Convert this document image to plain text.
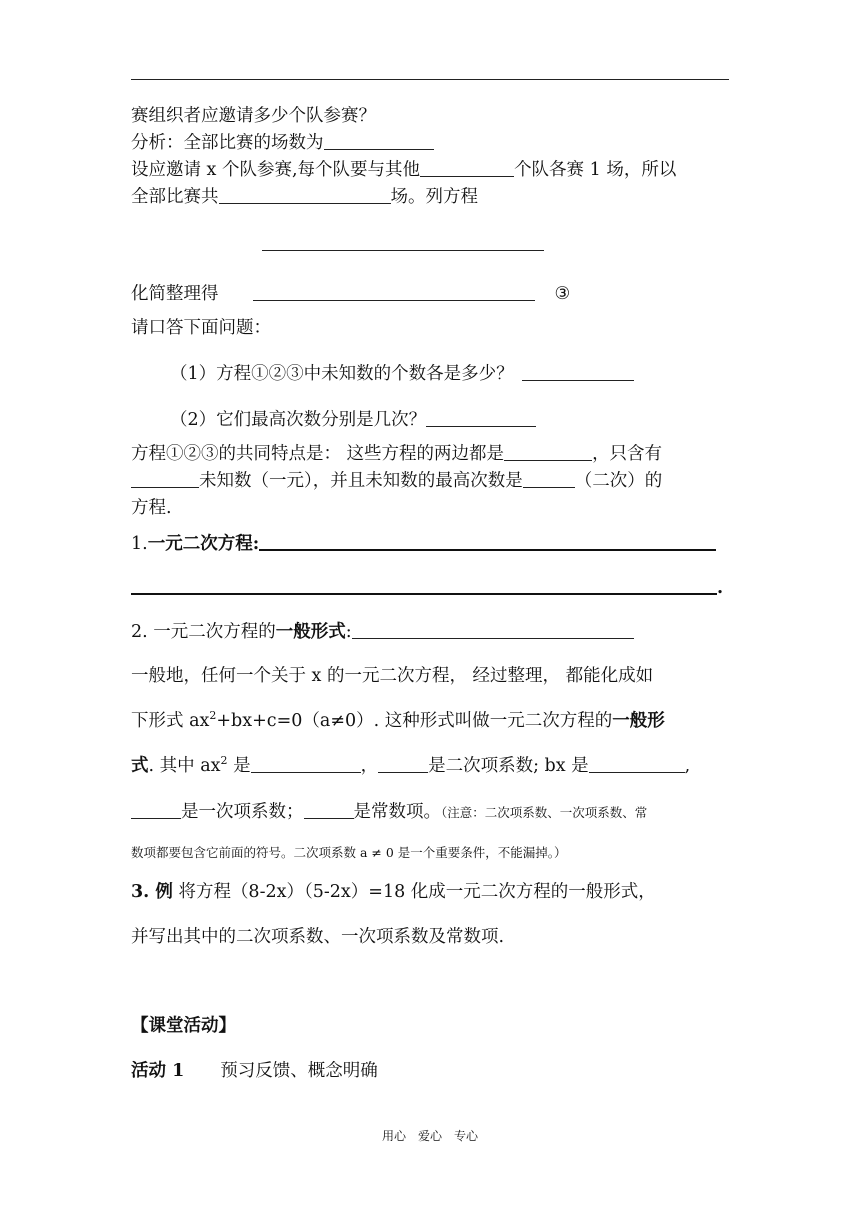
赛组织者应邀请多少个队参赛？
分析：全部比赛的场数为
设应邀请 x 个队参赛,每个队要与其他	个队各赛 1 场，所以
全部比赛共	场。列方程
化简整理得	③
请口答下面问题：
（1）方程①②③中未知数的个数各是多少？
（2）它们最高次数分别是几次？
方程①②③的共同特点是： 这些方程的两边都是	，只含有
未知数（一元），并且未知数的最高次数是	（二次）的
方程.
1.一元二次方程:
.
2. 一元二次方程的一般形式:
一般地，任何一个关于 x 的一元二次方程， 经过整理， 都能化成如
下形式 $ax^2+bx+c=0(a\ne 0)$. 这种形式叫做一元二次方程的一般形
式. 其中 $ax^2$ 是	，	是二次项系数; bx 是	,
是一次项系数；	是常数项。（注意：二次项系数、一次项系数、常
数项都要包含它前面的符号。二次项系数 a ≠ 0 是一个重要条件，不能漏掉。）
3. 例 将方程（8-2x）（5-2x）=18 化成一元二次方程的一般形式，
并写出其中的二次项系数、一次项系数及常数项.
【课堂活动】
活动 1 预习反馈、概念明确
用心 爱心 专心
